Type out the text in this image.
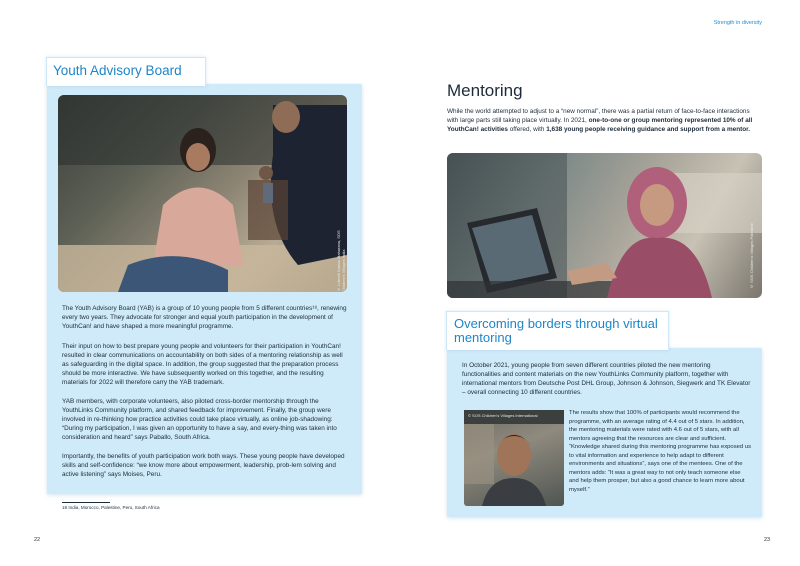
Strength in diversity
Youth Advisory Board
© Lokesh Kumar Maharana, SOS Children's Villages India
The Youth Advisory Board (YAB) is a group of 10 young people from 5 different countries¹⁸, renewing every two years. They advocate for stronger and equal youth participation in the development of YouthCan! and have shaped a more meaningful programme.
Their input on how to best prepare young people and volunteers for their participation in YouthCan! resulted in clear communications on accountability on both sides of a mentoring relationship as well as safeguarding in the digital space. In addition, the group suggested that the preparation process should be more interactive. We have subsequently worked on this together, and the resulting materials for 2022 will therefore carry the YAB trademark.
YAB members, with corporate volunteers, also piloted cross-border mentorship through the YouthLinks Community platform, and shared feedback for improvement. Finally, the group were involved in re-thinking how practice activities could take place virtually, as online job-shadowing: “During my participation, I was given an opportunity to have a say, and every-thing was taken into consideration and heard” says Paballo, South Africa.
Importantly, the benefits of youth participation work both ways. These young people have developed skills and self-confidence: “we know more about empowerment, leadership, prob-lem solving and active listening” says Moises, Peru.
18 India, Morocco, Palestine, Peru, South Africa
22
Mentoring
While the world attempted to adjust to a “new normal”, there was a partial return of face-to-face interactions with large parts still taking place virtually. In 2021, one-to-one or group mentoring represented 10% of all YouthCan! activities offered, with 1,638 young people receiving guidance and support from a mentor.
© SOS Children's Villages Palestine
Overcoming borders through virtual mentoring
In October 2021, young people from seven different countries piloted the new mentoring functionalities and content materials on the new YouthLinks Community platform, together with international mentors from Deutsche Post DHL Group, Johnson & Johnson, Siegwerk and TK Elevator – overall connecting 10 different countries.
© SOS Children's Villages International	The results show that 100% of participants would recommend the programme, with an average rating of 4.4 out of 5 stars. In addition, the mentoring materials were rated with 4.6 out of 5 stars, with all mentors agreeing that the resources are clear and sufficient. “Knowledge shared during this mentoring programme has exposed us to vital information and experience to help adapt to different environments and situations”, says one of the mentees. One of the mentors adds: “It was a great way to not only teach someone else and help them prosper, but also a good chance to learn more about myself.”
23
